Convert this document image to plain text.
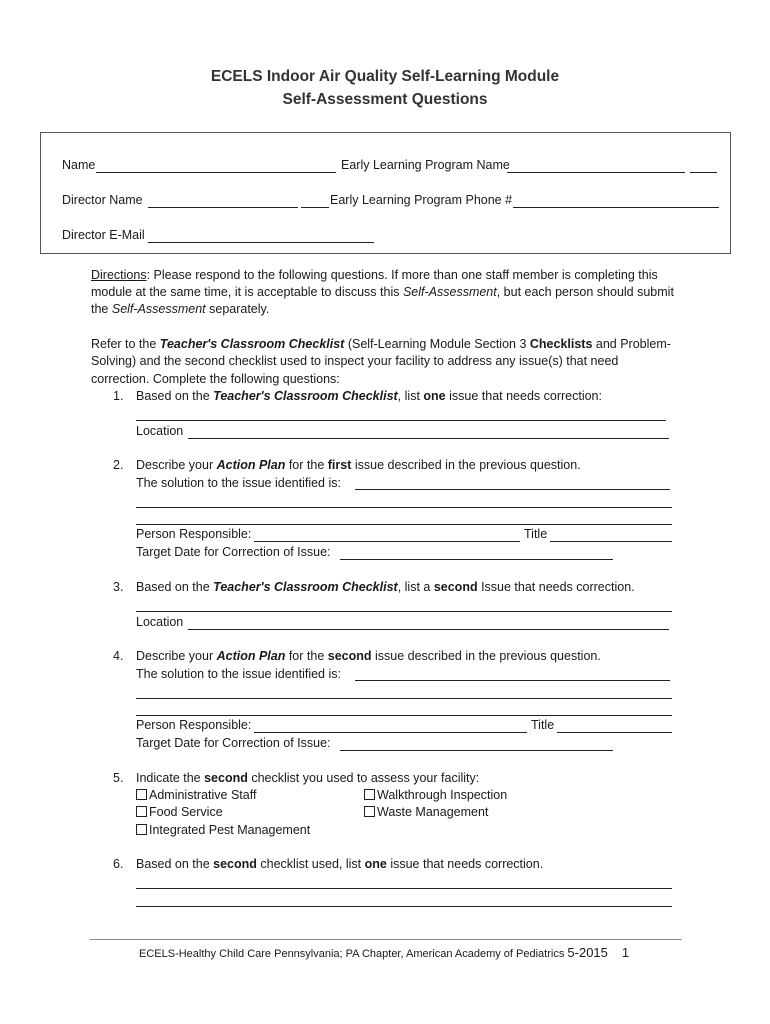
ECELS Indoor Air Quality Self-Learning Module
Self-Assessment Questions
Name	Early Learning Program Name
Director Name	Early Learning Program Phone #
Director E-Mail
Directions: Please respond to the following questions. If more than one staff member is completing this
module at the same time, it is acceptable to discuss this Self-Assessment, but each person should submit
the Self-Assessment separately.
Refer to the Teacher's Classroom Checklist (Self-Learning Module Section 3 Checklists and Problem-
Solving) and the second checklist used to inspect your facility to address any issue(s) that need
correction. Complete the following questions:
1. Based on the Teacher's Classroom Checklist, list one issue that needs correction:
Location
2. Describe your Action Plan for the first issue described in the previous question.
The solution to the issue identified is:
Person Responsible:	Title
Target Date for Correction of Issue:
3. Based on the Teacher's Classroom Checklist, list a second Issue that needs correction.
Location
4. Describe your Action Plan for the second issue described in the previous question.
The solution to the issue identified is:
Person Responsible:	Title
Target Date for Correction of Issue:
5. Indicate the second checklist you used to assess your facility:
Administrative Staff	Walkthrough Inspection
Food Service	Waste Management
Integrated Pest Management
6. Based on the second checklist used, list one issue that needs correction.
ECELS-Healthy Child Care Pennsylvania; PA Chapter, American Academy of Pediatrics 5-2015 1
